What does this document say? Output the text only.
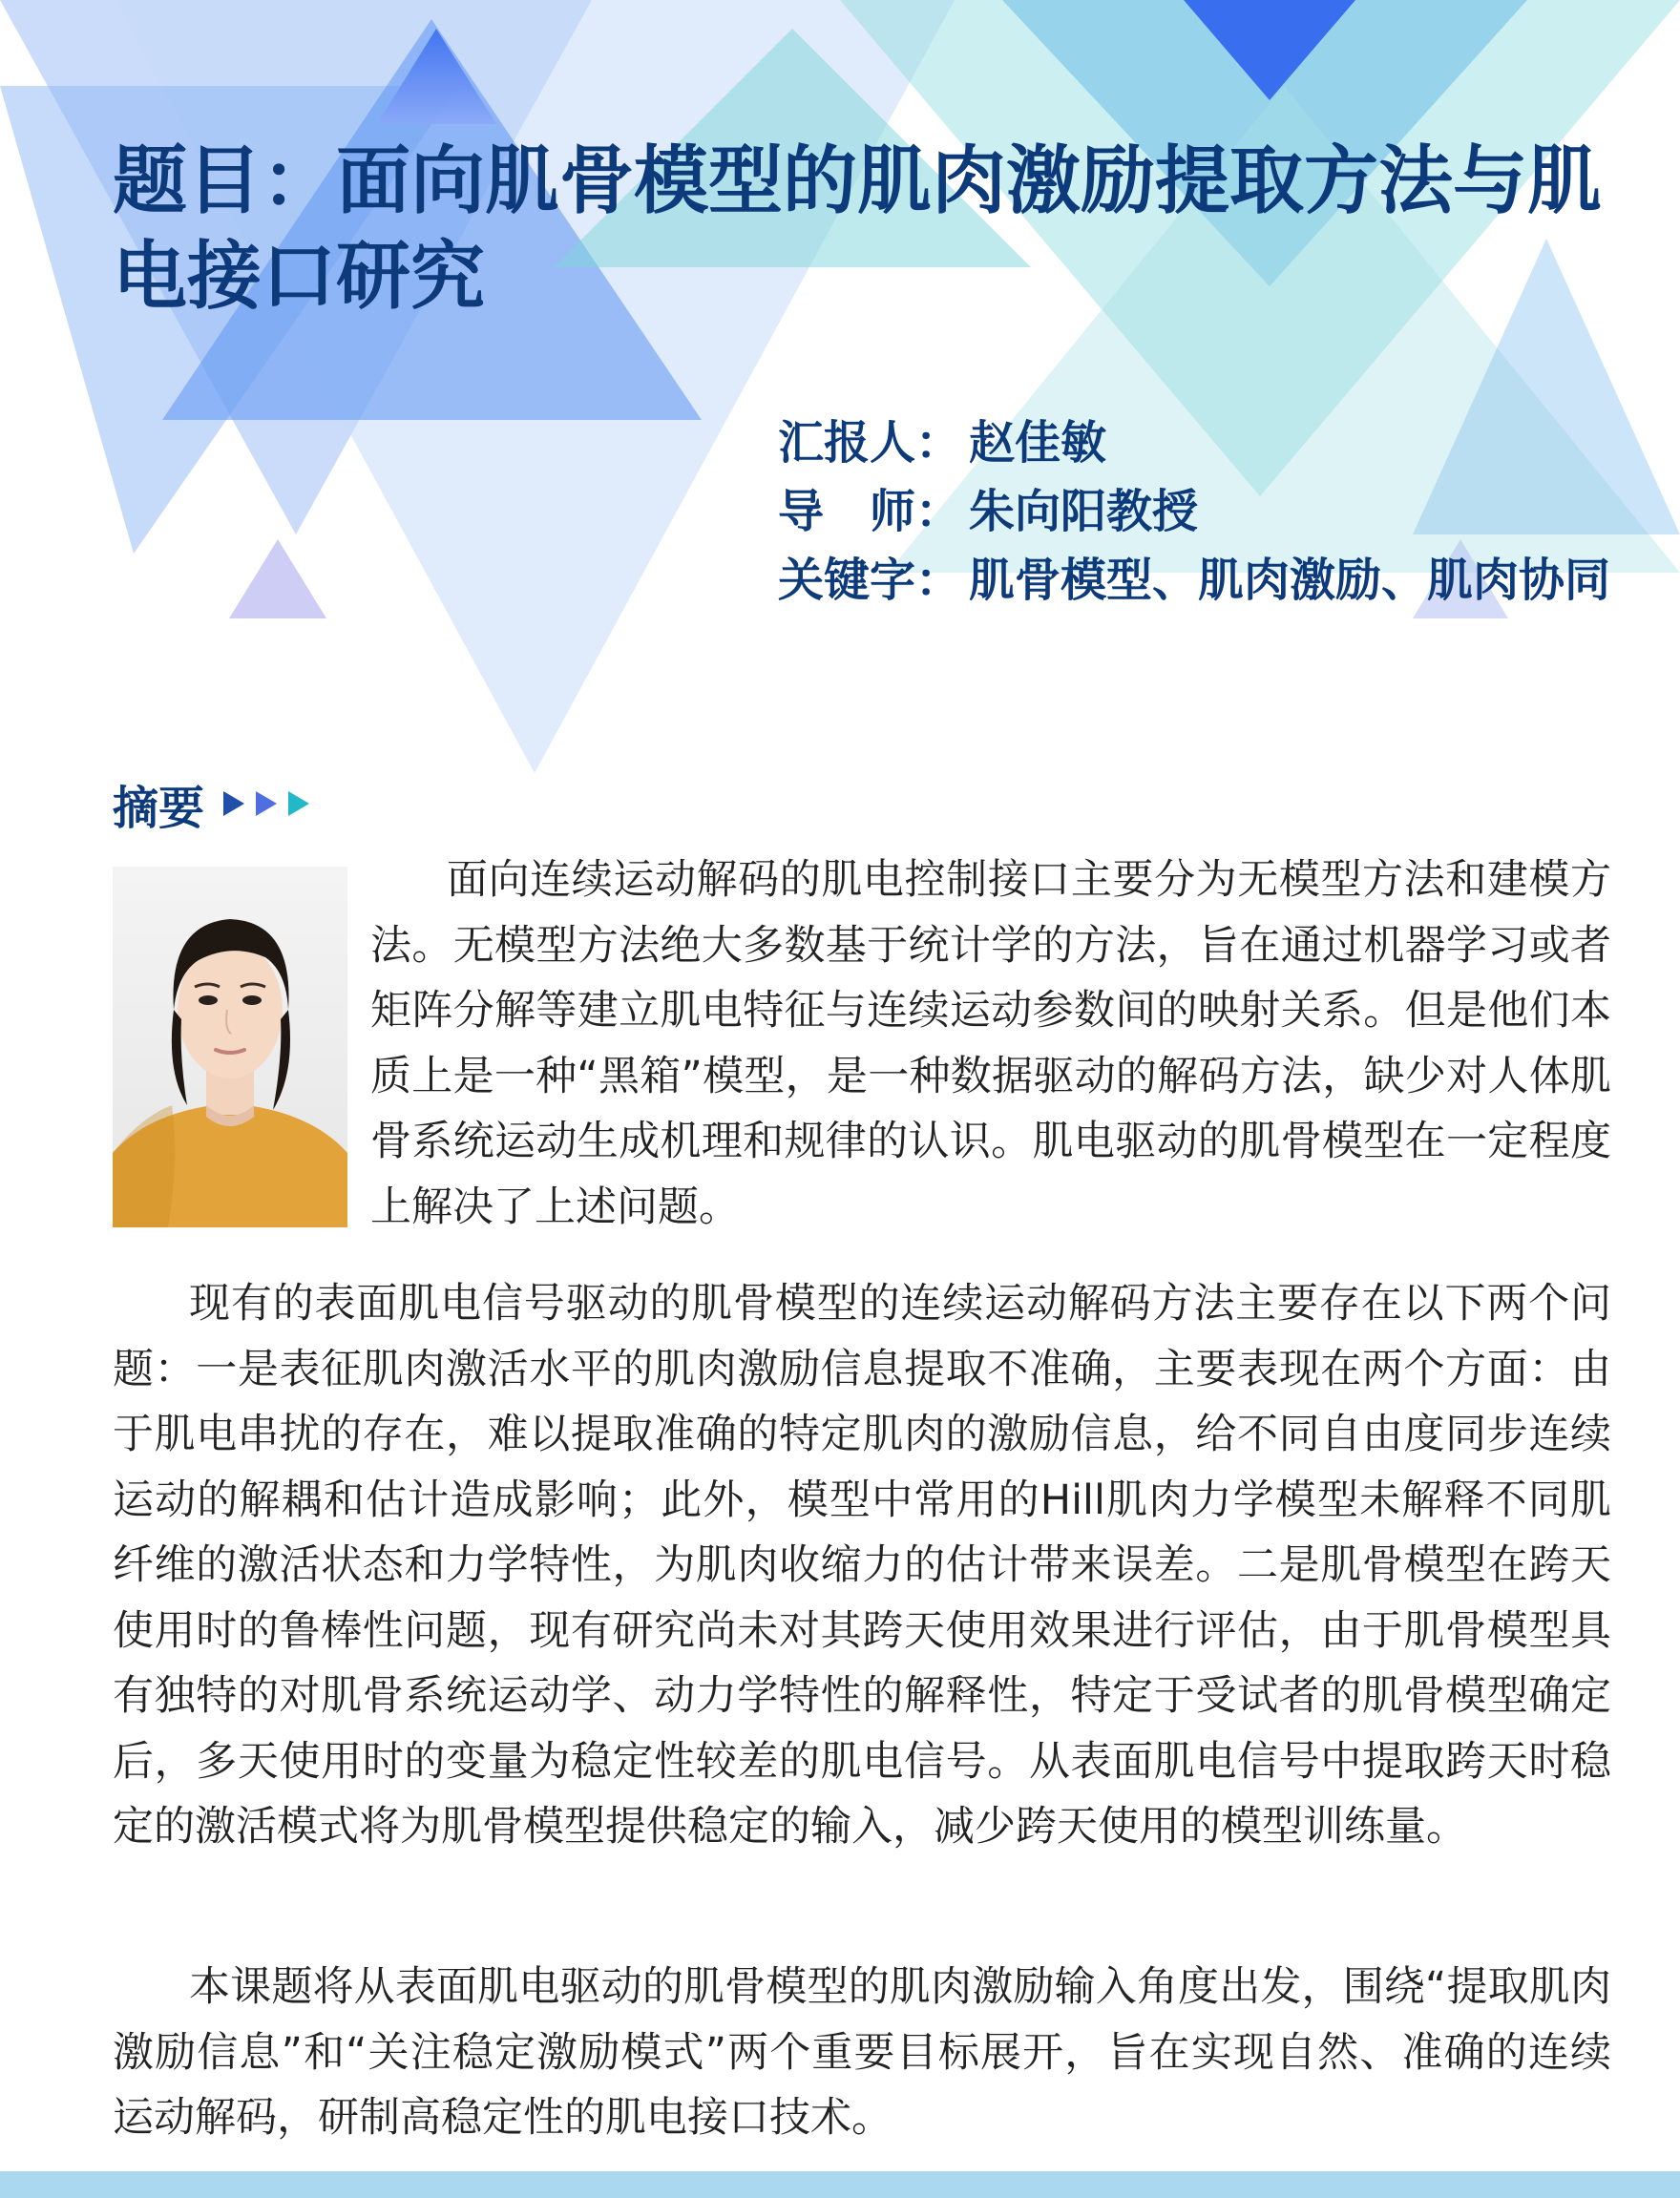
题目：面向肌骨模型的肌肉激励提取方法与肌电接口研究
汇报人： 赵佳敏
导　师： 朱向阳教授
关键字： 肌骨模型、肌肉激励、肌肉协同
摘要

面向连续运动解码的肌电控制接口主要分为无模型方法和建模方法。无模型方法绝大多数基于统计学的方法，旨在通过机器学习或者矩阵分解等建立肌电特征与连续运动参数间的映射关系。但是他们本质上是一种“黑箱”模型，是一种数据驱动的解码方法，缺少对人体肌骨系统运动生成机理和规律的认识。肌电驱动的肌骨模型在一定程度上解决了上述问题。

现有的表面肌电信号驱动的肌骨模型的连续运动解码方法主要存在以下两个问题：一是表征肌肉激活水平的肌肉激励信息提取不准确，主要表现在两个方面：由于肌电串扰的存在，难以提取准确的特定肌肉的激励信息，给不同自由度同步连续运动的解耦和估计造成影响；此外，模型中常用的Hill肌肉力学模型未解释不同肌纤维的激活状态和力学特性，为肌肉收缩力的估计带来误差。二是肌骨模型在跨天使用时的鲁棒性问题，现有研究尚未对其跨天使用效果进行评估，由于肌骨模型具有独特的对肌骨系统运动学、动力学特性的解释性，特定于受试者的肌骨模型确定后，多天使用时的变量为稳定性较差的肌电信号。从表面肌电信号中提取跨天时稳定的激活模式将为肌骨模型提供稳定的输入，减少跨天使用的模型训练量。

本课题将从表面肌电驱动的肌骨模型的肌肉激励输入角度出发，围绕“提取肌肉激励信息”和“关注稳定激励模式”两个重要目标展开，旨在实现自然、准确的连续运动解码，研制高稳定性的肌电接口技术。
